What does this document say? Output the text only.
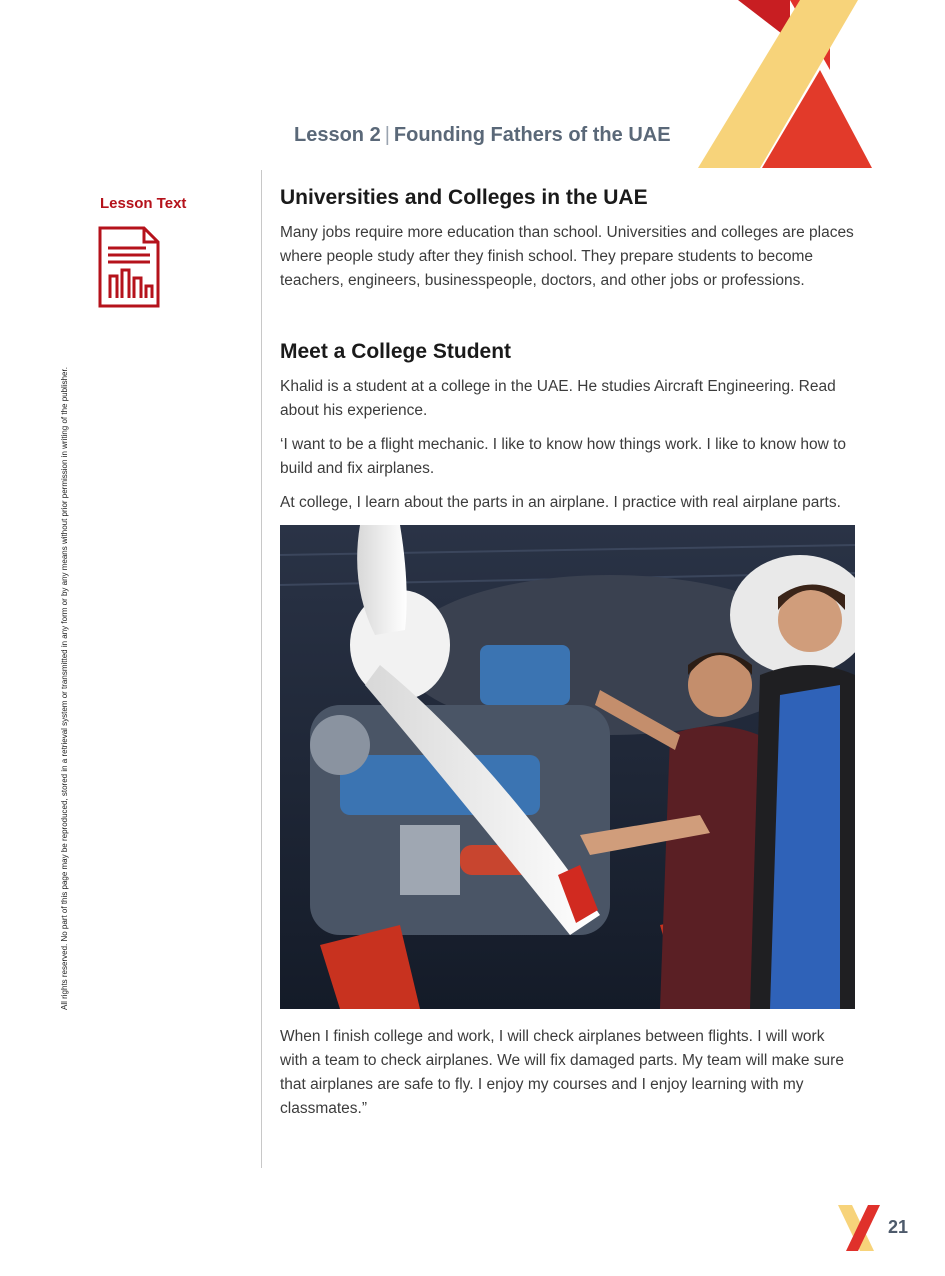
Lesson 2 | Founding Fathers of the UAE
All rights reserved. No part of this page may be reproduced, stored in a retrieval system or transmitted in any form or by any means without prior permission in writing of the publisher.
Lesson Text	Universities and Colleges in the UAE

Many jobs require more education than school. Universities and colleges are places where people study after they finish school. They prepare students to become teachers, engineers, businesspeople, doctors, and other jobs or professions.

Meet a College Student

Khalid is a student at a college in the UAE. He studies Aircraft Engineering. Read about his experience.

‘I want to be a flight mechanic. I like to know how things work. I like to know how to build and fix airplanes.

At college, I learn about the parts in an airplane. I practice with real airplane parts.

When I finish college and work, I will check airplanes between flights. I will work with a team to check airplanes. We will fix damaged parts. My team will make sure that airplanes are safe to fly. I enjoy my courses and I enjoy learning with my classmates.”

21
